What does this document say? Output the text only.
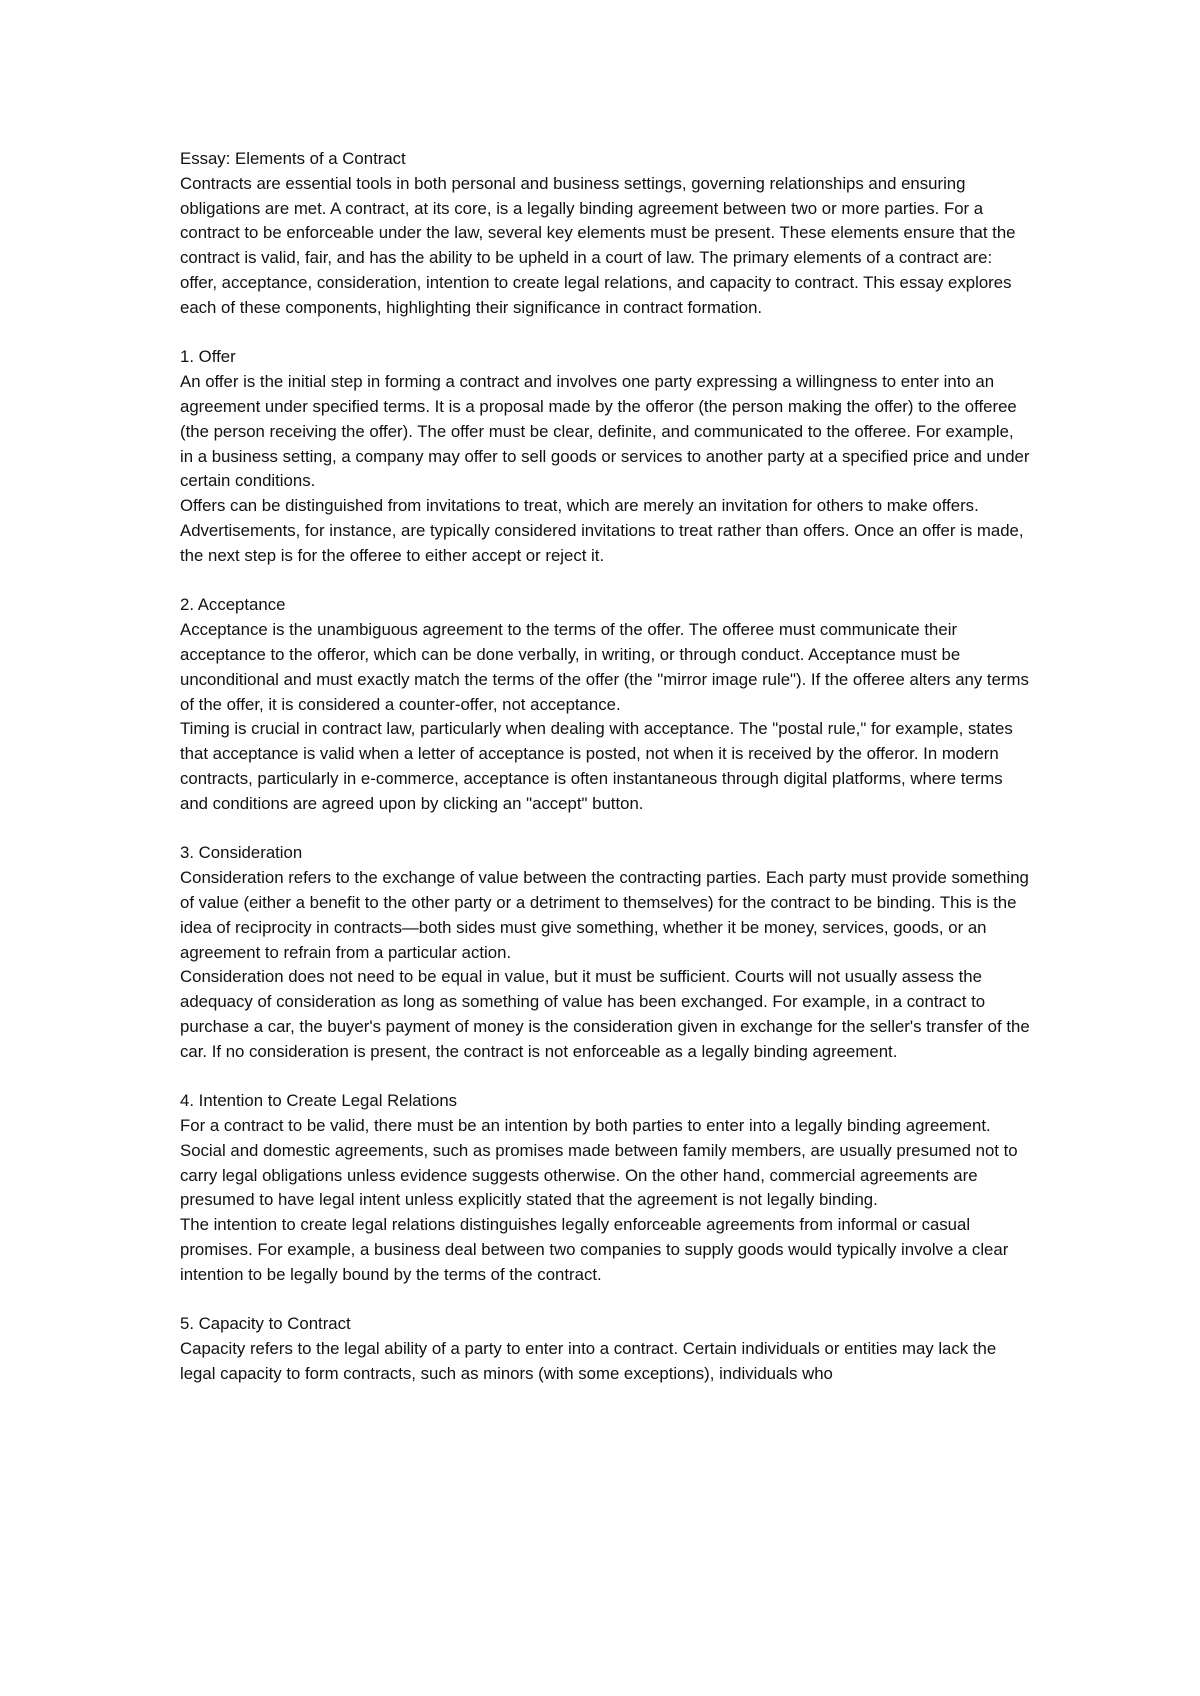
Essay: Elements of a Contract

Contracts are essential tools in both personal and business settings, governing relationships and ensuring obligations are met. A contract, at its core, is a legally binding agreement between two or more parties. For a contract to be enforceable under the law, several key elements must be present. These elements ensure that the contract is valid, fair, and has the ability to be upheld in a court of law. The primary elements of a contract are: offer, acceptance, consideration, intention to create legal relations, and capacity to contract. This essay explores each of these components, highlighting their significance in contract formation.

1. Offer

An offer is the initial step in forming a contract and involves one party expressing a willingness to enter into an agreement under specified terms. It is a proposal made by the offeror (the person making the offer) to the offeree (the person receiving the offer). The offer must be clear, definite, and communicated to the offeree. For example, in a business setting, a company may offer to sell goods or services to another party at a specified price and under certain conditions.

Offers can be distinguished from invitations to treat, which are merely an invitation for others to make offers. Advertisements, for instance, are typically considered invitations to treat rather than offers. Once an offer is made, the next step is for the offeree to either accept or reject it.

2. Acceptance

Acceptance is the unambiguous agreement to the terms of the offer. The offeree must communicate their acceptance to the offeror, which can be done verbally, in writing, or through conduct. Acceptance must be unconditional and must exactly match the terms of the offer (the "mirror image rule"). If the offeree alters any terms of the offer, it is considered a counter-offer, not acceptance.

Timing is crucial in contract law, particularly when dealing with acceptance. The "postal rule," for example, states that acceptance is valid when a letter of acceptance is posted, not when it is received by the offeror. In modern contracts, particularly in e-commerce, acceptance is often instantaneous through digital platforms, where terms and conditions are agreed upon by clicking an "accept" button.

3. Consideration

Consideration refers to the exchange of value between the contracting parties. Each party must provide something of value (either a benefit to the other party or a detriment to themselves) for the contract to be binding. This is the idea of reciprocity in contracts—both sides must give something, whether it be money, services, goods, or an agreement to refrain from a particular action.

Consideration does not need to be equal in value, but it must be sufficient. Courts will not usually assess the adequacy of consideration as long as something of value has been exchanged. For example, in a contract to purchase a car, the buyer's payment of money is the consideration given in exchange for the seller's transfer of the car. If no consideration is present, the contract is not enforceable as a legally binding agreement.

4. Intention to Create Legal Relations

For a contract to be valid, there must be an intention by both parties to enter into a legally binding agreement. Social and domestic agreements, such as promises made between family members, are usually presumed not to carry legal obligations unless evidence suggests otherwise. On the other hand, commercial agreements are presumed to have legal intent unless explicitly stated that the agreement is not legally binding.

The intention to create legal relations distinguishes legally enforceable agreements from informal or casual promises. For example, a business deal between two companies to supply goods would typically involve a clear intention to be legally bound by the terms of the contract.

5. Capacity to Contract

Capacity refers to the legal ability of a party to enter into a contract. Certain individuals or entities may lack the legal capacity to form contracts, such as minors (with some exceptions), individuals who
